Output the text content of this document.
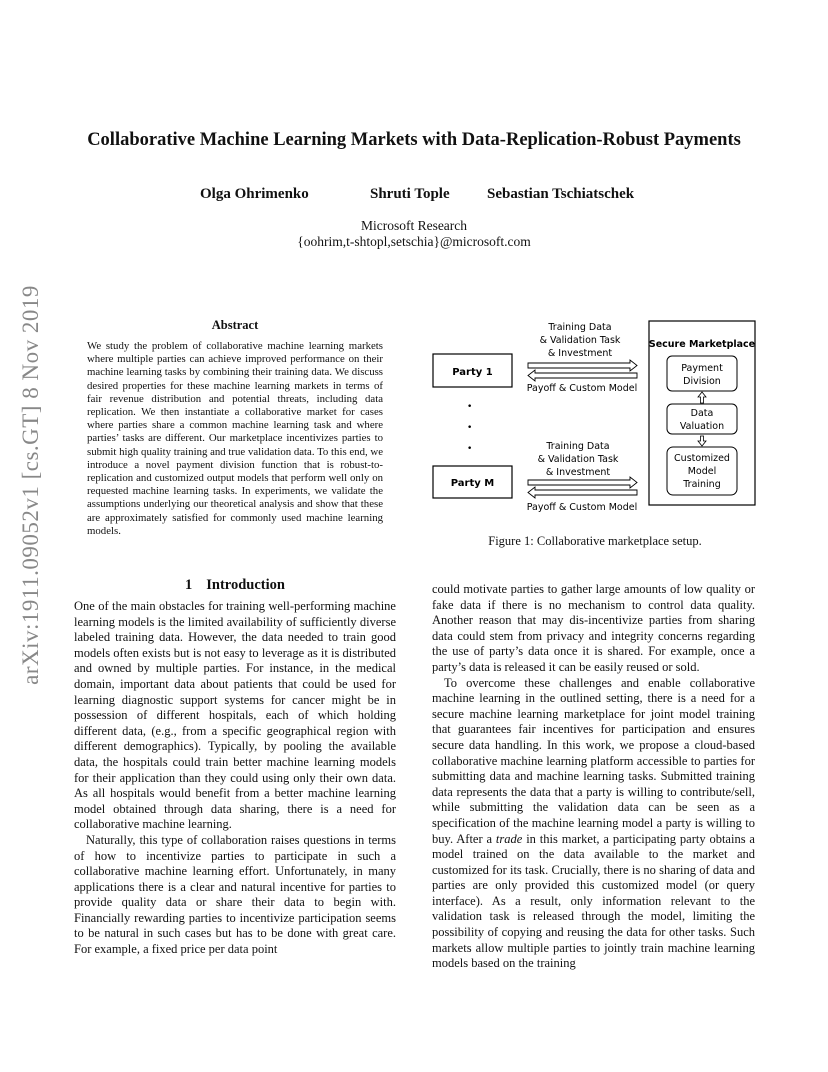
arXiv:1911.09052v1 [cs.GT] 8 Nov 2019
Collaborative Machine Learning Markets with Data-Replication-Robust Payments
Olga Ohrimenko	Shruti Tople Sebastian Tschiatschek
Microsoft Research
{oohrim,t-shtopl,setschia}@microsoft.com
Abstract
We study the problem of collaborative machine learning markets where multiple parties can achieve improved performance on their machine learning tasks by combining their training data. We discuss desired properties for these machine learning markets in terms of fair revenue distribution and potential threats, including data replication. We then instantiate a collaborative market for cases where parties share a common machine learning task and where parties’ tasks are different. Our marketplace incentivizes parties to submit high quality training and true validation data. To this end, we introduce a novel payment division function that is robust-to-replication and customized output models that perform well only on requested machine learning tasks. In experiments, we validate the assumptions underlying our theoretical analysis and show that these are approximately satisfied for commonly used machine learning models.
Party 1
Party M
•
•
•
Training Data
& Validation Task
& Investment
Payoff & Custom Model
Training Data
& Validation Task
& Investment
Payoff & Custom Model
Secure Marketplace
Payment
Division
Data
Valuation
Customized
Model
Training
Figure 1: Collaborative marketplace setup.
1 Introduction

One of the main obstacles for training well-performing machine learning models is the limited availability of sufficiently diverse labeled training data. However, the data needed to train good models often exists but is not easy to leverage as it is distributed and owned by multiple parties. For instance, in the medical domain, important data about patients that could be used for learning diagnostic support systems for cancer might be in possession of different hospitals, each of which holding different data, (e.g., from a specific geographical region with different demographics). Typically, by pooling the available data, the hospitals could train better machine learning models for their application than they could using only their own data. As all hospitals would benefit from a better machine learning model obtained through data sharing, there is a need for collaborative machine learning.

Naturally, this type of collaboration raises questions in terms of how to incentivize parties to participate in such a collaborative machine learning effort. Unfortunately, in many applications there is a clear and natural incentive for parties to provide quality data or share their data to begin with. Financially rewarding parties to incentivize participation seems to be natural in such cases but has to be done with great care. For example, a fixed price per data point

could motivate parties to gather large amounts of low quality or fake data if there is no mechanism to control data quality. Another reason that may dis-incentivize parties from sharing data could stem from privacy and integrity concerns regarding the use of party’s data once it is shared. For example, once a party’s data is released it can be easily reused or sold.

To overcome these challenges and enable collaborative machine learning in the outlined setting, there is a need for a secure machine learning marketplace for joint model training that guarantees fair incentives for participation and ensures secure data handling. In this work, we propose a cloud-based collaborative machine learning platform accessible to parties for submitting data and machine learning tasks. Submitted training data represents the data that a party is willing to contribute/sell, while submitting the validation data can be seen as a specification of the machine learning model a party is willing to buy. After a trade in this market, a participating party obtains a model trained on the data available to the market and customized for its task. Crucially, there is no sharing of data and parties are only provided this customized model (or query interface). As a result, only information relevant to the validation task is released through the model, limiting the possibility of copying and reusing the data for other tasks. Such markets allow multiple parties to jointly train machine learning models based on the training
